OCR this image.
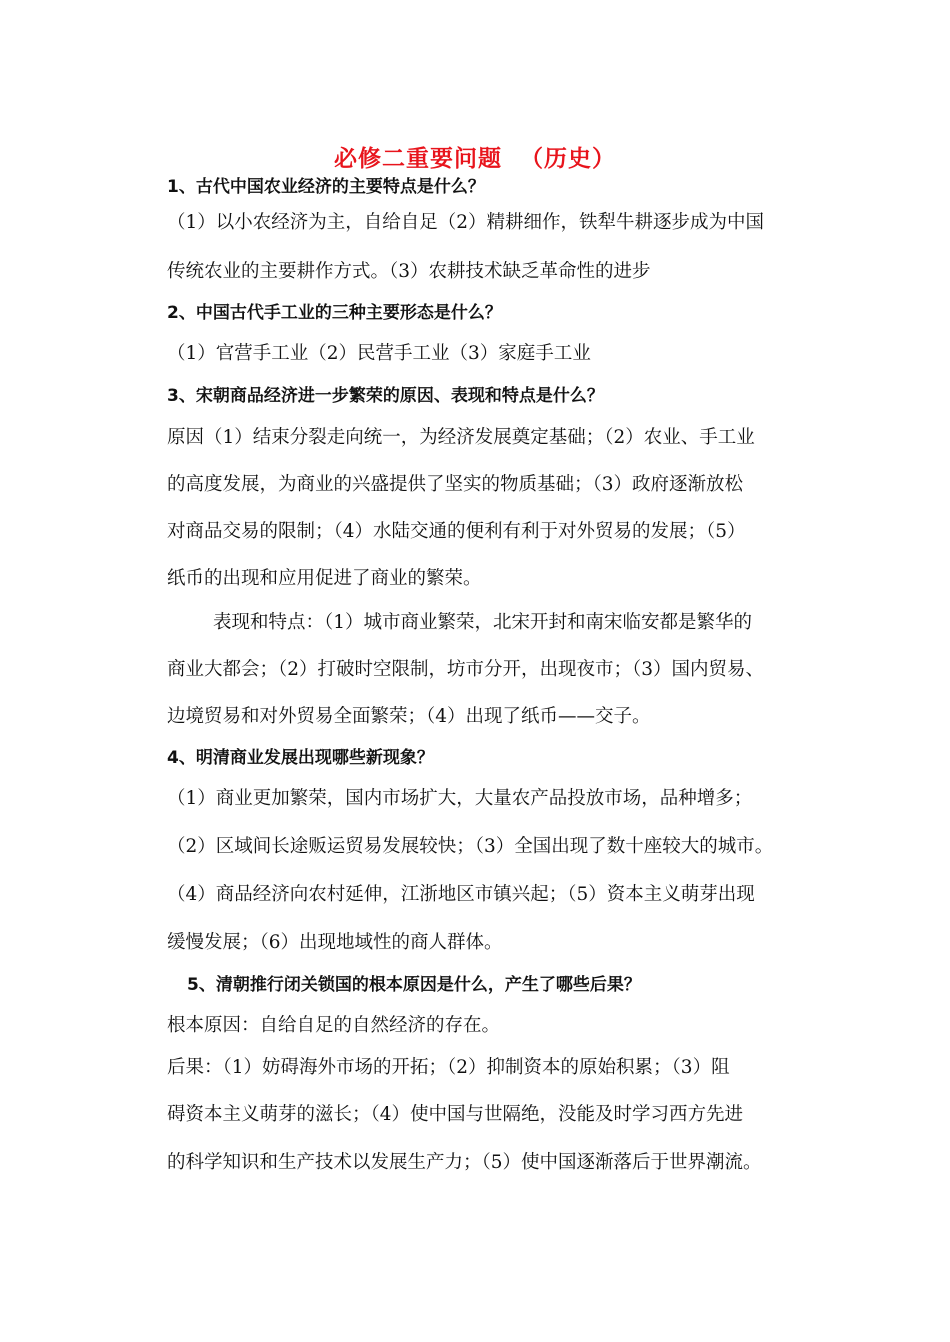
必修二重要问题  （历史）
1、古代中国农业经济的主要特点是什么？
（1）以小农经济为主，自给自足（2）精耕细作，铁犁牛耕逐步成为中国
传统农业的主要耕作方式。（3）农耕技术缺乏革命性的进步
2、中国古代手工业的三种主要形态是什么？
（1）官营手工业（2）民营手工业（3）家庭手工业
3、宋朝商品经济进一步繁荣的原因、表现和特点是什么？
原因（1）结束分裂走向统一，为经济发展奠定基础；（2）农业、手工业
的高度发展，为商业的兴盛提供了坚实的物质基础；（3）政府逐渐放松
对商品交易的限制；（4）水陆交通的便利有利于对外贸易的发展；（5）
纸币的出现和应用促进了商业的繁荣。
表现和特点：（1）城市商业繁荣，北宋开封和南宋临安都是繁华的
商业大都会；（2）打破时空限制，坊市分开，出现夜市；（3）国内贸易、
边境贸易和对外贸易全面繁荣；（4）出现了纸币——交子。
4、明清商业发展出现哪些新现象？
（1）商业更加繁荣，国内市场扩大，大量农产品投放市场，品种增多；
（2）区域间长途贩运贸易发展较快；（3）全国出现了数十座较大的城市。
（4）商品经济向农村延伸，江浙地区市镇兴起；（5）资本主义萌芽出现
缓慢发展；（6）出现地域性的商人群体。
5、清朝推行闭关锁国的根本原因是什么，产生了哪些后果？
根本原因：自给自足的自然经济的存在。
后果：（1）妨碍海外市场的开拓；（2）抑制资本的原始积累；（3）阻
碍资本主义萌芽的滋长；（4）使中国与世隔绝，没能及时学习西方先进
的科学知识和生产技术以发展生产力；（5）使中国逐渐落后于世界潮流。
